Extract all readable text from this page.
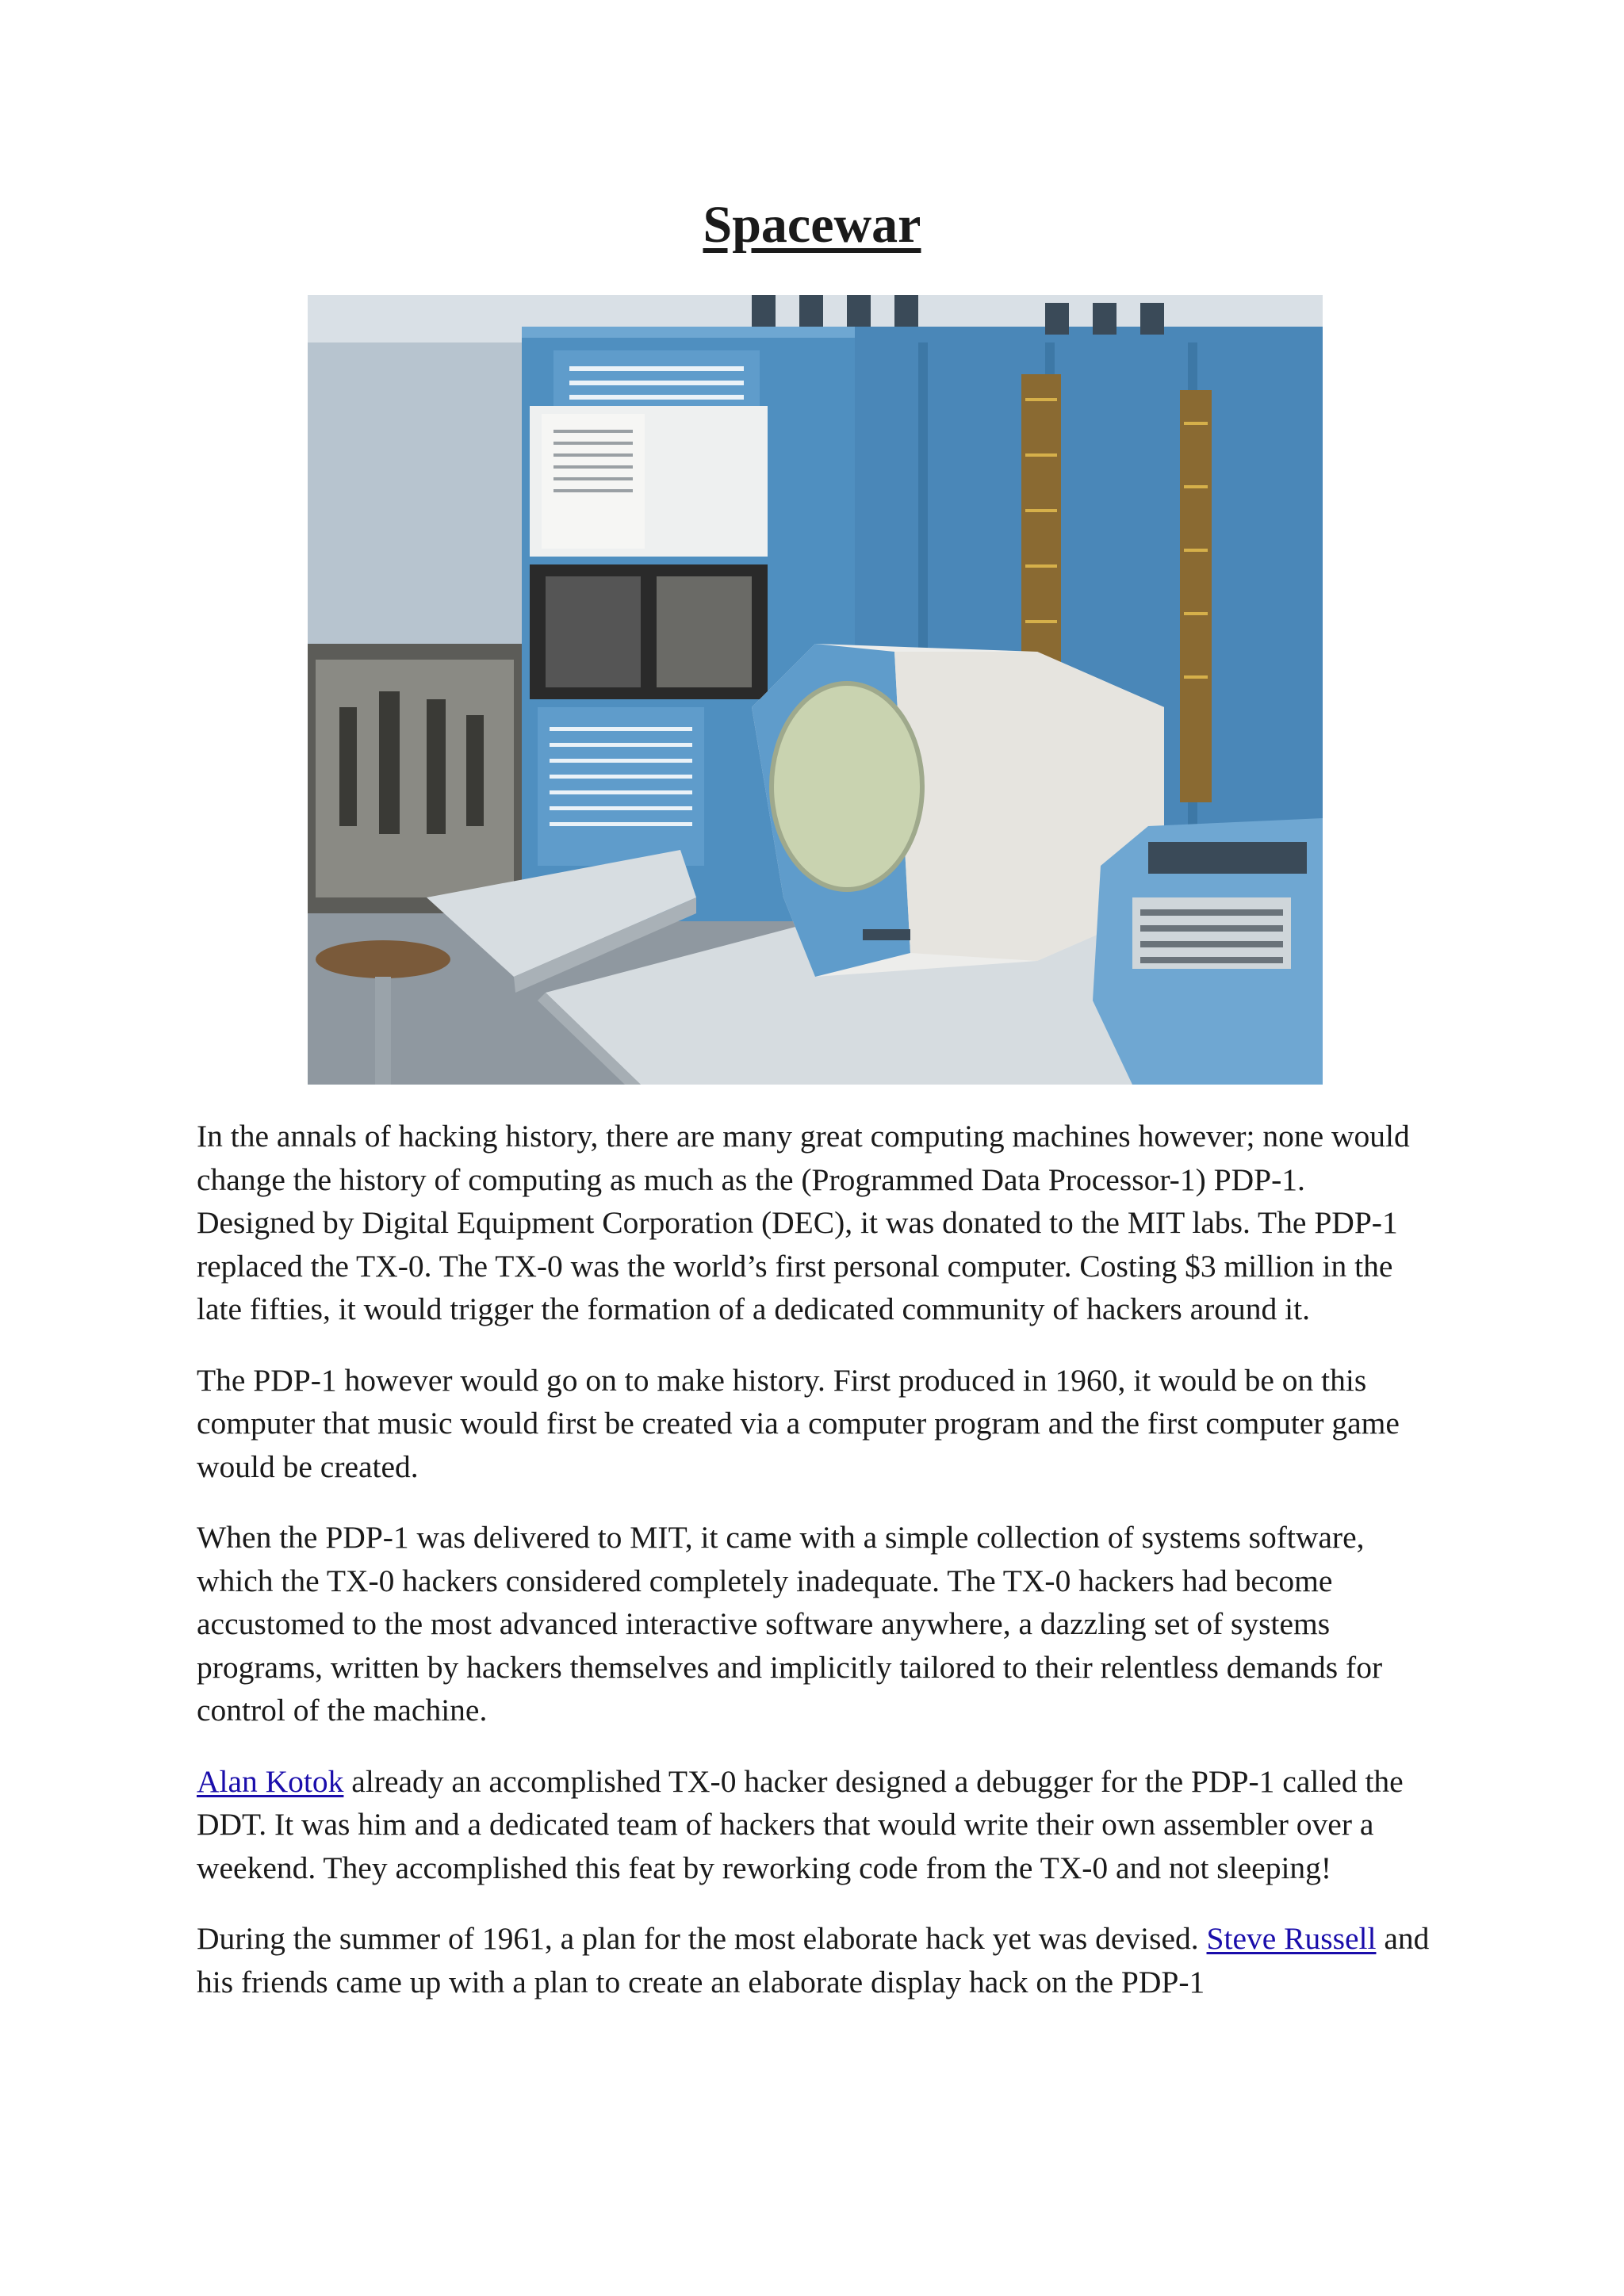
Spacewar

In the annals of hacking history, there are many great computing machines however; none would change the history of computing as much as the (Programmed Data Processor-1) PDP-1. Designed by Digital Equipment Corporation (DEC), it was donated to the MIT labs. The PDP-1 replaced the TX-0. The TX-0 was the world’s first personal computer. Costing $3 million in the late fifties, it would trigger the formation of a dedicated community of hackers around it.

The PDP-1 however would go on to make history. First produced in 1960, it would be on this computer that music would first be created via a computer program and the first computer game would be created.

When the PDP-1 was delivered to MIT, it came with a simple collection of systems software, which the TX-0 hackers considered completely inadequate. The TX-0 hackers had become accustomed to the most advanced interactive software anywhere, a dazzling set of systems programs, written by hackers themselves and implicitly tailored to their relentless demands for control of the machine.

Alan Kotok already an accomplished TX-0 hacker designed a debugger for the PDP-1 called the DDT. It was him and a dedicated team of hackers that would write their own assembler over a weekend. They accomplished this feat by reworking code from the TX-0 and not sleeping!

During the summer of 1961, a plan for the most elaborate hack yet was devised. Steve Russell and his friends came up with a plan to create an elaborate display hack on the PDP-1
